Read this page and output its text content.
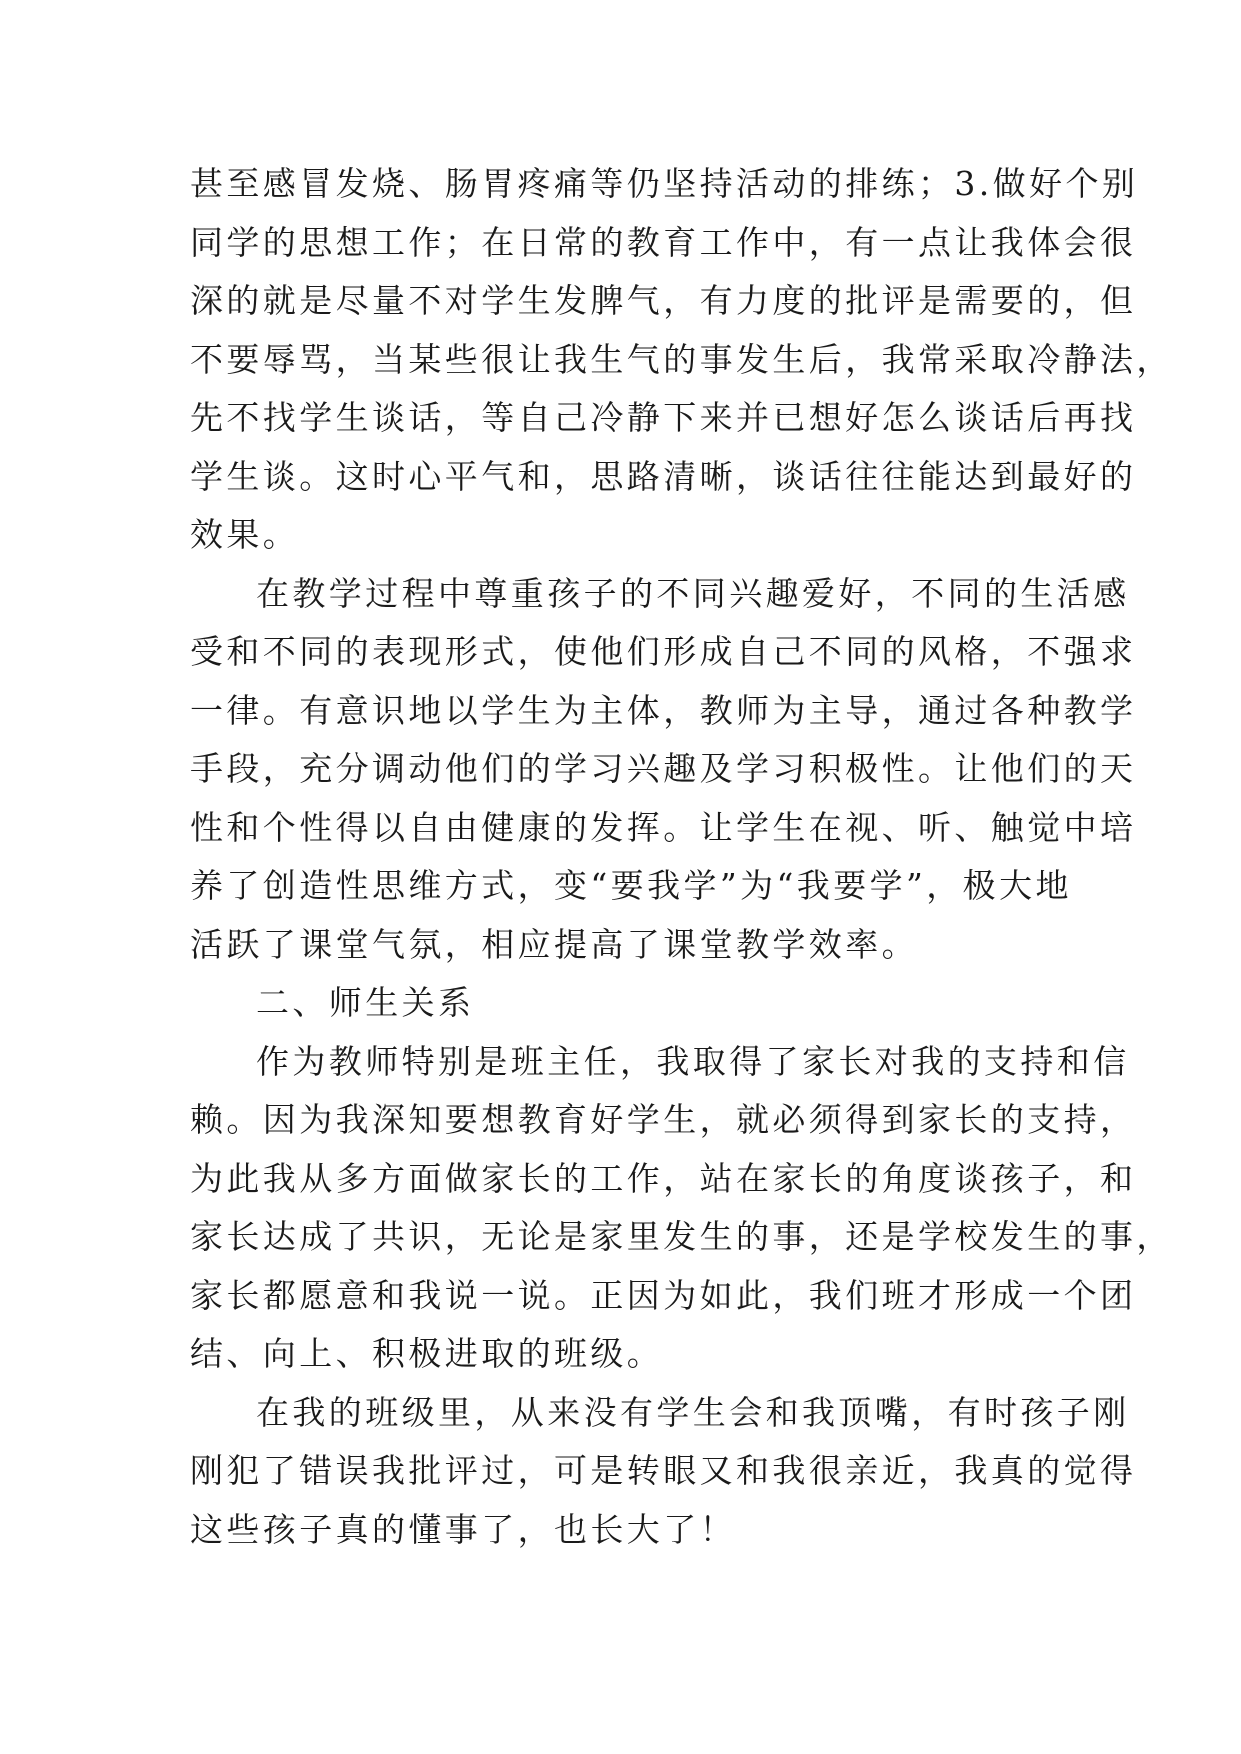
甚至感冒发烧、肠胃疼痛等仍坚持活动的排练；3.做好个别
同学的思想工作；在日常的教育工作中，有一点让我体会很
深的就是尽量不对学生发脾气，有力度的批评是需要的，但
不要辱骂，当某些很让我生气的事发生后，我常采取冷静法，
先不找学生谈话，等自己冷静下来并已想好怎么谈话后再找
学生谈。这时心平气和，思路清晰，谈话往往能达到最好的
效果。
在教学过程中尊重孩子的不同兴趣爱好，不同的生活感
受和不同的表现形式，使他们形成自己不同的风格，不强求
一律。有意识地以学生为主体，教师为主导，通过各种教学
手段，充分调动他们的学习兴趣及学习积极性。让他们的天
性和个性得以自由健康的发挥。让学生在视、听、触觉中培
养了创造性思维方式，变“要我学”为“我要学”，极大地
活跃了课堂气氛，相应提高了课堂教学效率。
二、师生关系
作为教师特别是班主任，我取得了家长对我的支持和信
赖。因为我深知要想教育好学生，就必须得到家长的支持，
为此我从多方面做家长的工作，站在家长的角度谈孩子，和
家长达成了共识，无论是家里发生的事，还是学校发生的事，
家长都愿意和我说一说。正因为如此，我们班才形成一个团
结、向上、积极进取的班级。
在我的班级里，从来没有学生会和我顶嘴，有时孩子刚
刚犯了错误我批评过，可是转眼又和我很亲近，我真的觉得
这些孩子真的懂事了，也长大了！
